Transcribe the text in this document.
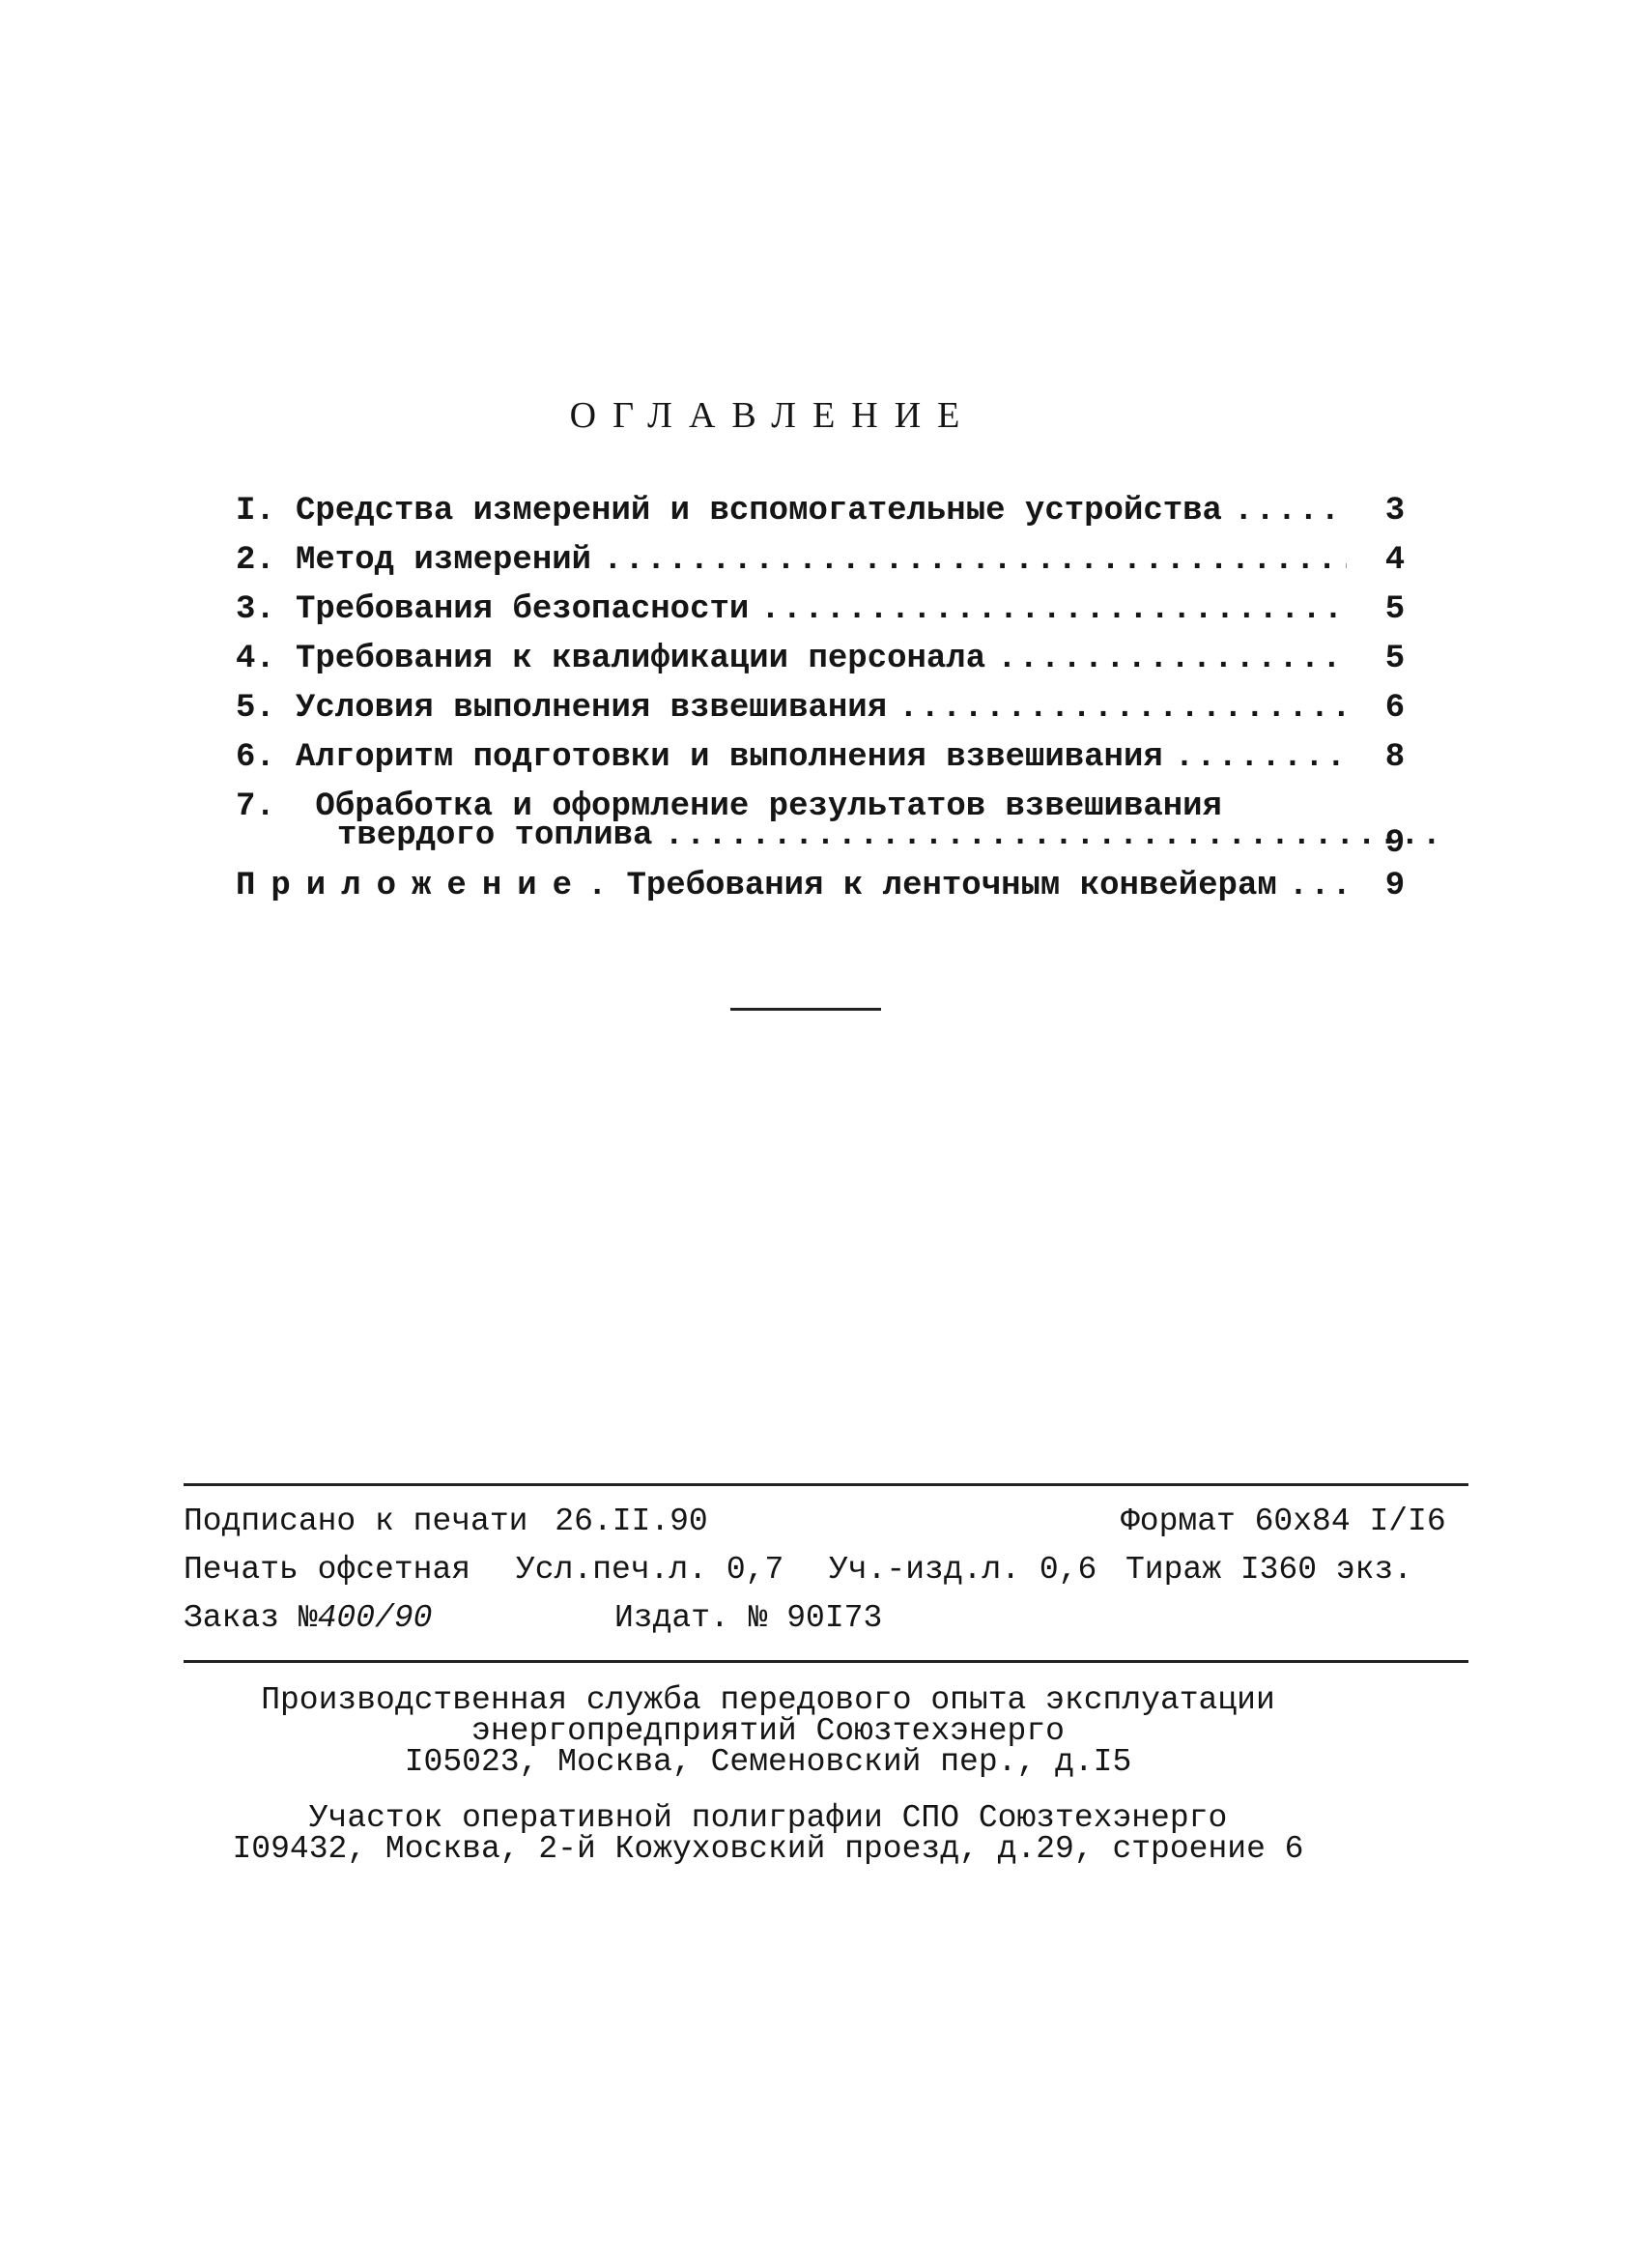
ОГЛАВЛЕНИЕ
I. Средства измерений и вспомогательные устройства .....	3
2. Метод измерений .....	4
3. Требования безопасности .....	5
4. Требования к квалификации персонала .....	5
5. Условия выполнения взвешивания .....	6
6. Алгоритм подготовки и выполнения взвешивания .....	8
7. Обработка и оформление результатов взвешивания
твердого топлива .....	9
Приложение. Требования к ленточным конвейерам .....	9
Подписано к печати 26.II.90	Формат 60х84 I/I6
Печать офсетная Усл.печ.л. 0,7 Уч.-изд.л. 0,6 Тираж I360 экз.
Заказ №400/90	Издат. № 90I73
Производственная служба передового опыта эксплуатации
энергопредприятий Союзтехэнерго
I05023, Москва, Семеновский пер., д.I5
Участок оперативной полиграфии СПО Союзтехэнерго
I09432, Москва, 2-й Кожуховский проезд, д.29, строение 6
